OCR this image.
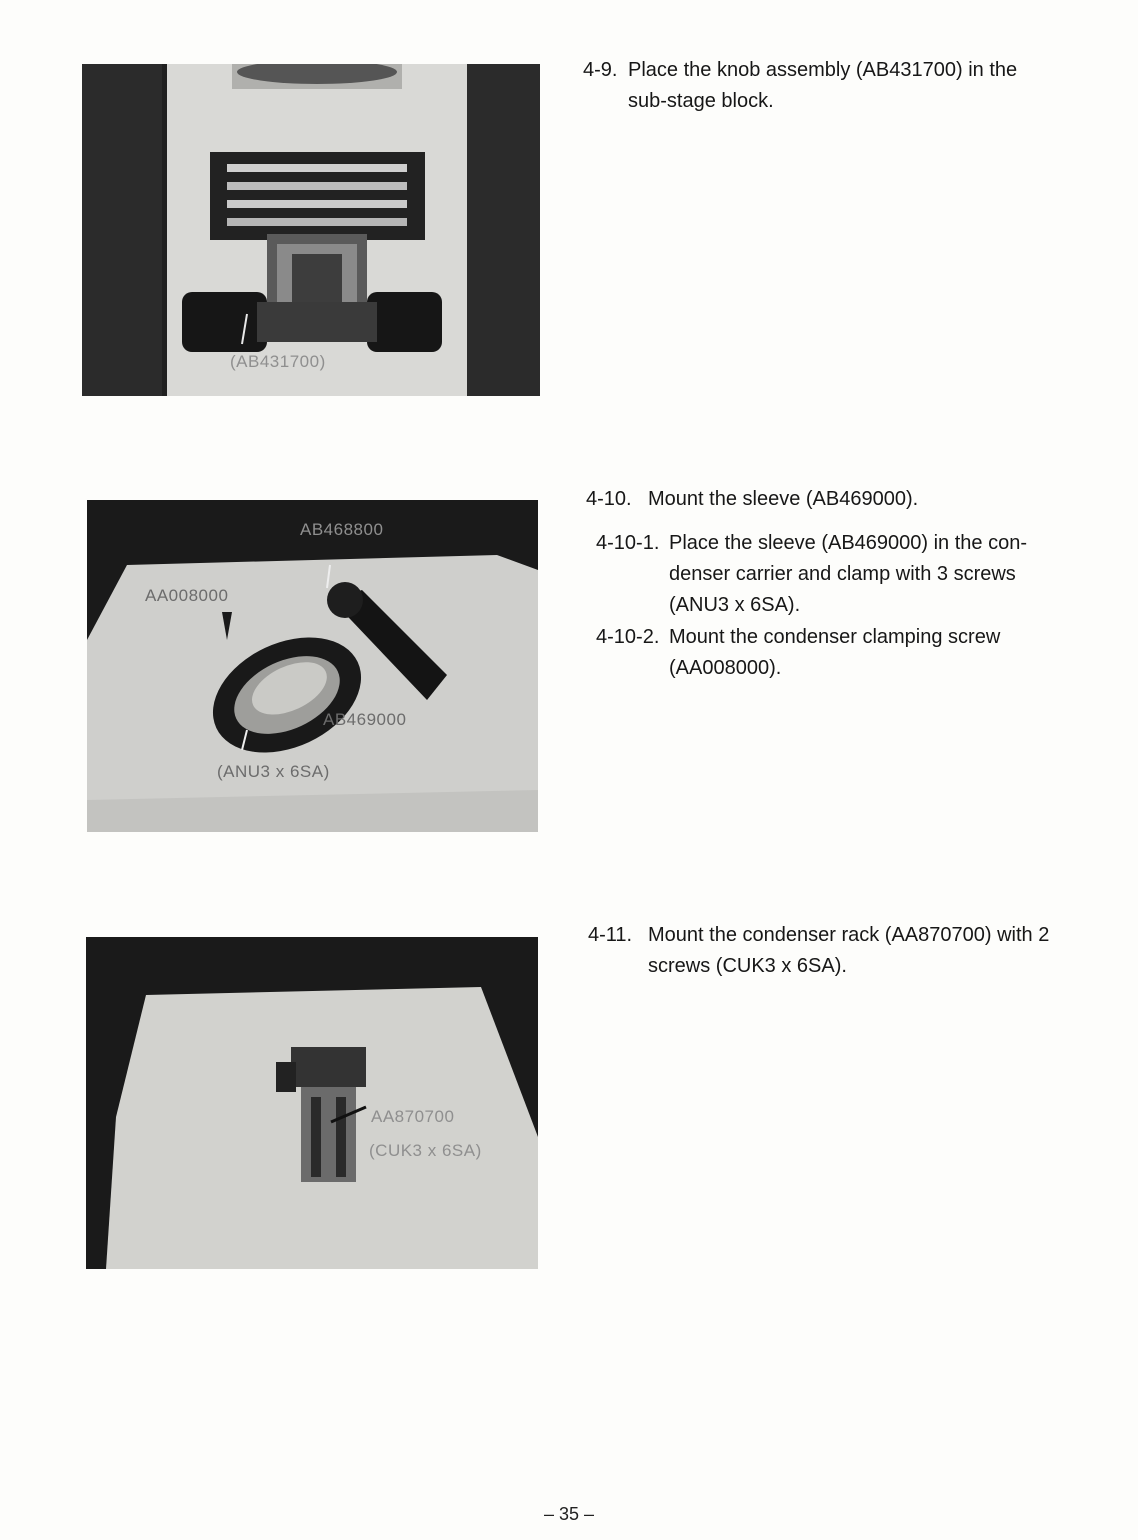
(AB431700)
AB468800
AA008000
AB469000
(ANU3 x 6SA)
AA870700
(CUK3 x 6SA)
4-9. Place the knob assembly (AB431700) in the sub-stage block.
4-10. Mount the sleeve (AB469000).
4-10-1. Place the sleeve (AB469000) in the con-denser carrier and clamp with 3 screws (ANU3 x 6SA).
4-10-2. Mount the condenser clamping screw (AA008000).
4-11. Mount the condenser rack (AA870700) with 2 screws (CUK3 x 6SA).
– 35 –
